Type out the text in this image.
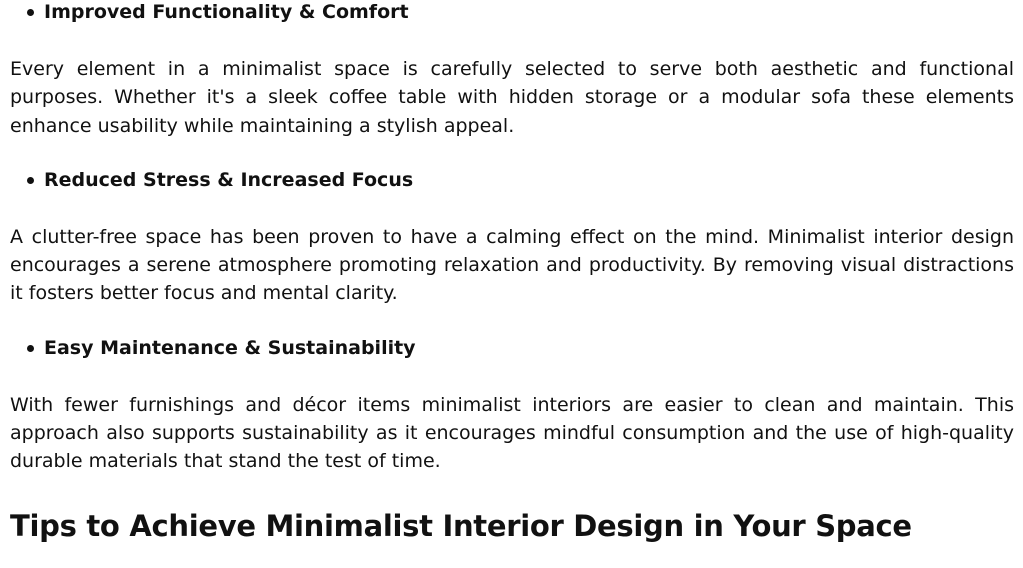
Improved Functionality & Comfort

Every element in a minimalist space is carefully selected to serve both aesthetic and functional purposes. Whether it's a sleek coffee table with hidden storage or a modular sofa these elements enhance usability while maintaining a stylish appeal.

Reduced Stress & Increased Focus

A clutter-free space has been proven to have a calming effect on the mind. Minimalist interior design encourages a serene atmosphere promoting relaxation and productivity. By removing visual distractions it fosters better focus and mental clarity.

Easy Maintenance & Sustainability

With fewer furnishings and décor items minimalist interiors are easier to clean and maintain. This approach also supports sustainability as it encourages mindful consumption and the use of high-quality durable materials that stand the test of time.

Tips to Achieve Minimalist Interior Design in Your Space
